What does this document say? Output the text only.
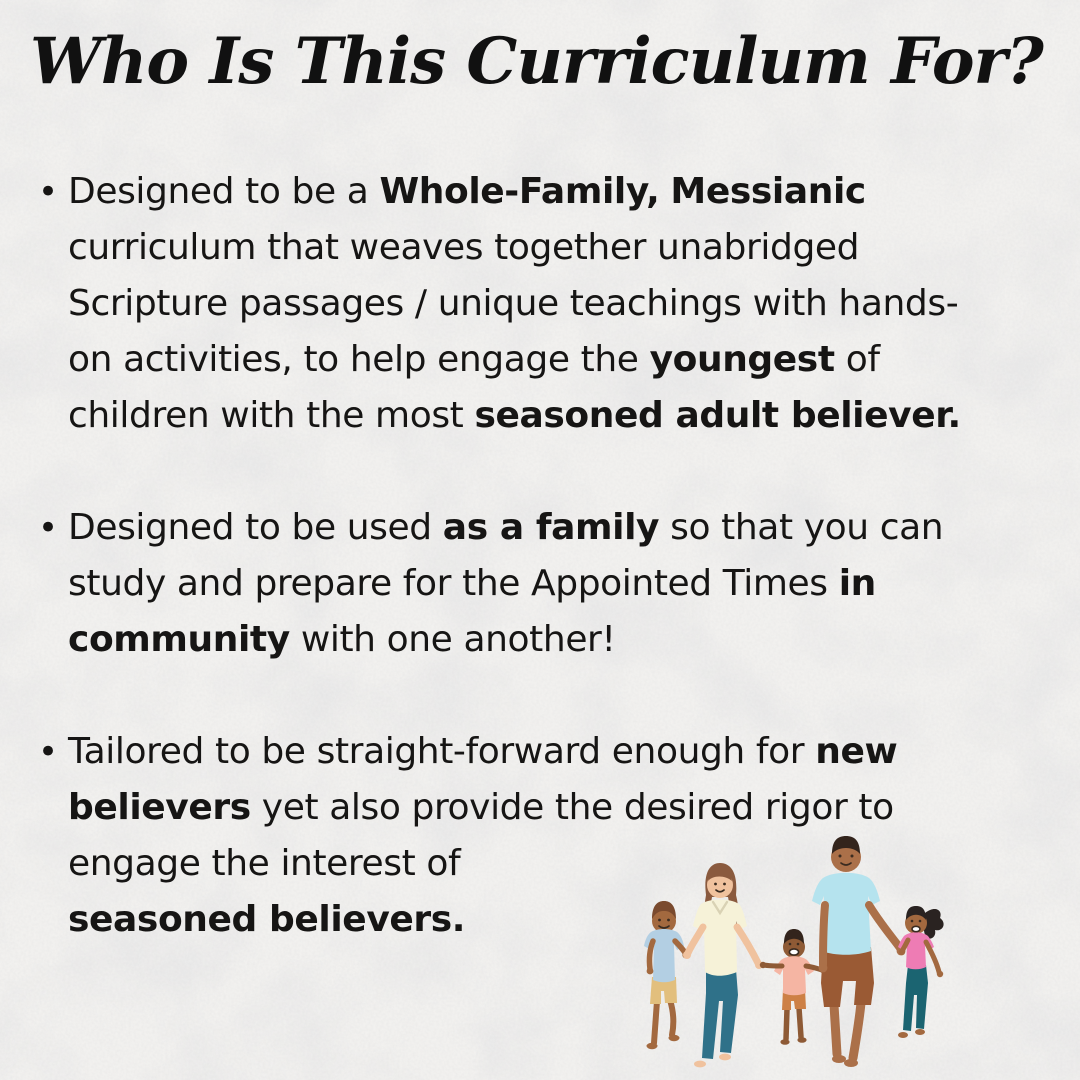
Who Is This Curriculum For?
• Designed to be a Whole-Family, Messianic
curriculum that weaves together unabridged
Scripture passages / unique teachings with hands-
on activities, to help engage the youngest of
children with the most seasoned adult believer.
• Designed to be used as a family so that you can
study and prepare for the Appointed Times in
community with one another!
• Tailored to be straight-forward enough for new
believers yet also provide the desired rigor to
engage the interest of
seasoned believers.
